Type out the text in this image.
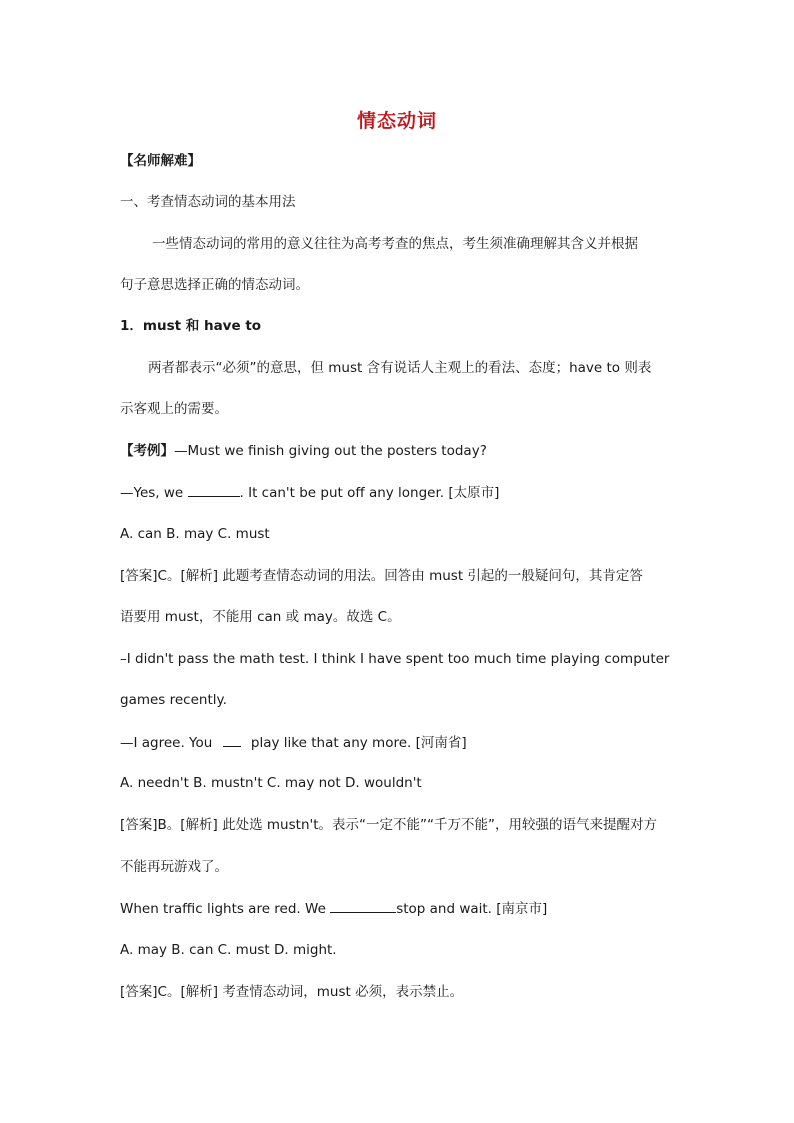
情态动词
【名师解难】
一、考查情态动词的基本用法
一些情态动词的常用的意义往往为高考考查的焦点，考生须准确理解其含义并根据
句子意思选择正确的情态动词。
1．must 和 have to
两者都表示“必须”的意思，但 must 含有说话人主观上的看法、态度；have to 则表
示客观上的需要。
【考例】—Must we finish giving out the posters today?
—Yes, we	. It can't be put off any longer. [太原市]
A. can B. may C. must
[答案]C。[解析] 此题考查情态动词的用法。回答由 must 引起的一般疑问句，其肯定答
语要用 must，不能用 can 或 may。故选 C。
–I didn't pass the math test. I think I have spent too much time playing computer
games recently.
—I agree. You  play like that any more. [河南省]
A. needn't B. mustn't C. may not D. wouldn't
[答案]B。[解析] 此处选 mustn't。表示“一定不能”“千万不能”，用较强的语气来提醒对方
不能再玩游戏了。
When traffic lights are red. We	stop and wait. [南京市]
A. may B. can C. must D. might.
[答案]C。[解析] 考查情态动词，must 必须，表示禁止。
